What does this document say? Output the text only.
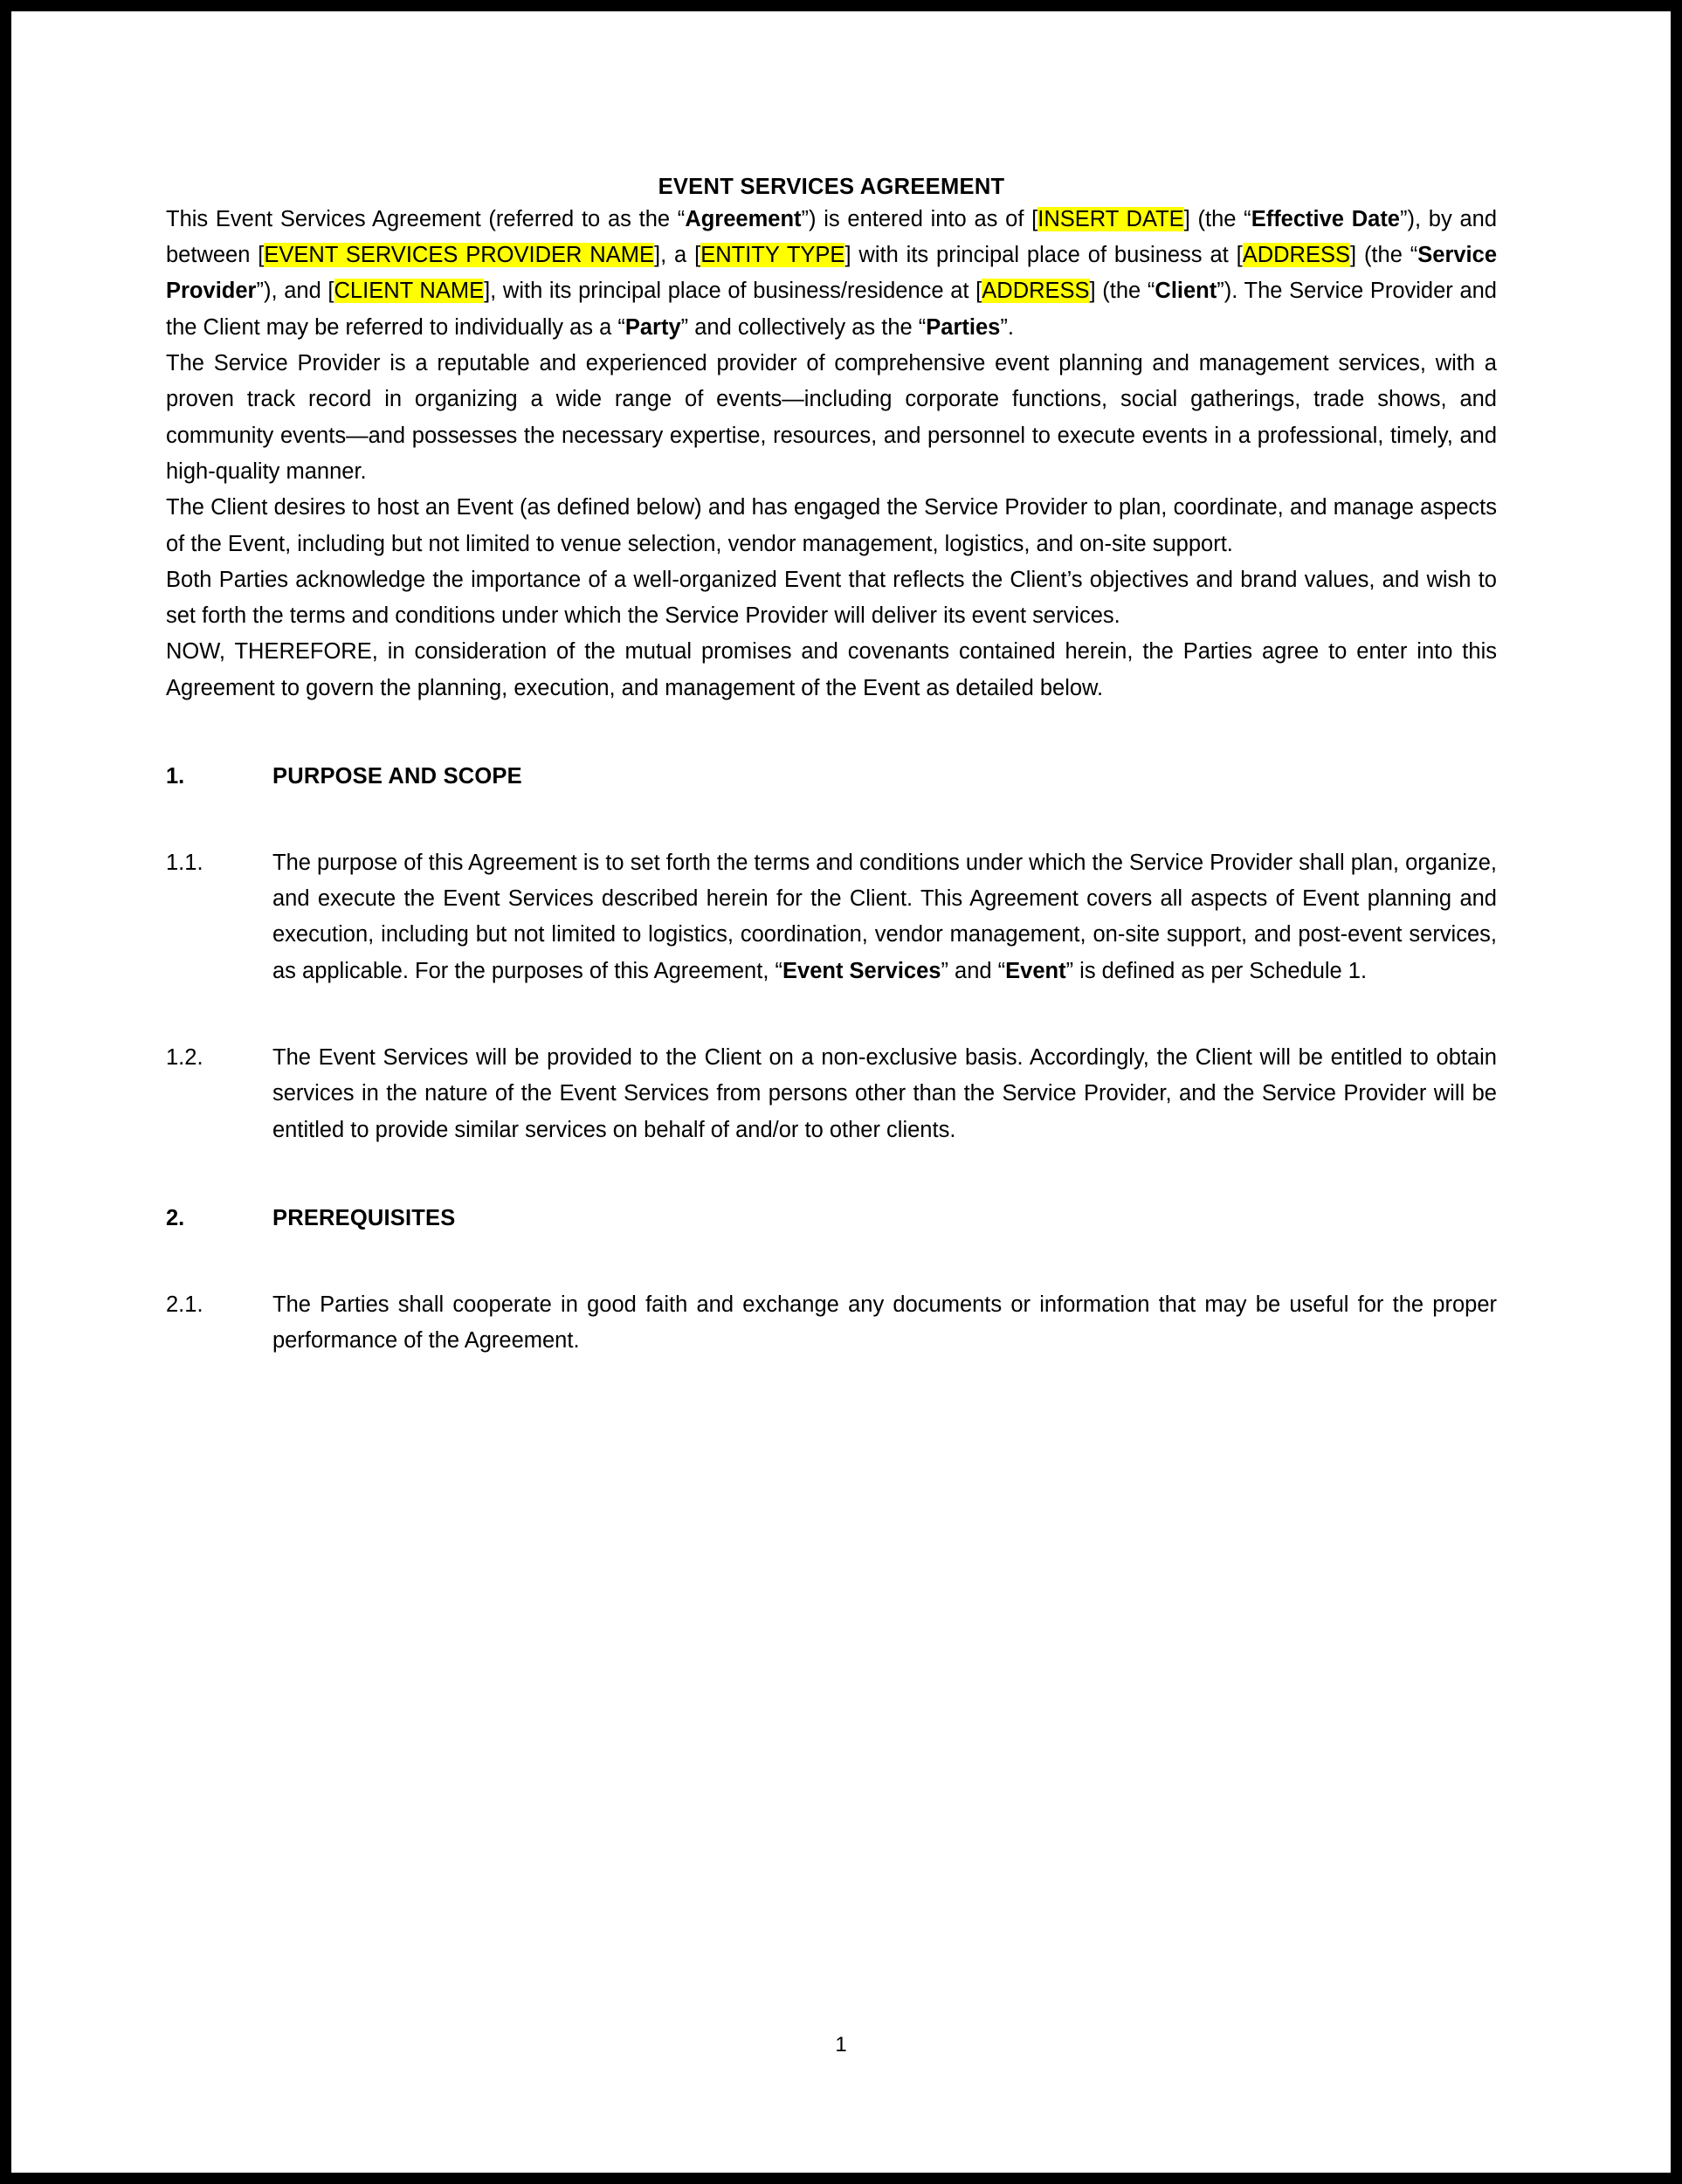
EVENT SERVICES AGREEMENT

This Event Services Agreement (referred to as the “Agreement”) is entered into as of [INSERT DATE] (the “Effective Date”), by and between [EVENT SERVICES PROVIDER NAME], a [ENTITY TYPE] with its principal place of business at [ADDRESS] (the “Service Provider”), and [CLIENT NAME], with its principal place of business/residence at [ADDRESS] (the “Client”). The Service Provider and the Client may be referred to individually as a “Party” and collectively as the “Parties”.

The Service Provider is a reputable and experienced provider of comprehensive event planning and management services, with a proven track record in organizing a wide range of events—including corporate functions, social gatherings, trade shows, and community events—and possesses the necessary expertise, resources, and personnel to execute events in a professional, timely, and high-quality manner.

The Client desires to host an Event (as defined below) and has engaged the Service Provider to plan, coordinate, and manage aspects of the Event, including but not limited to venue selection, vendor management, logistics, and on-site support.

Both Parties acknowledge the importance of a well-organized Event that reflects the Client’s objectives and brand values, and wish to set forth the terms and conditions under which the Service Provider will deliver its event services.

NOW, THEREFORE, in consideration of the mutual promises and covenants contained herein, the Parties agree to enter into this Agreement to govern the planning, execution, and management of the Event as detailed below.

1.	PURPOSE AND SCOPE
1.1.	The purpose of this Agreement is to set forth the terms and conditions under which the Service Provider shall plan, organize, and execute the Event Services described herein for the Client. This Agreement covers all aspects of Event planning and execution, including but not limited to logistics, coordination, vendor management, on-site support, and post-event services, as applicable. For the purposes of this Agreement, “Event Services” and “Event” is defined as per Schedule 1.
1.2.	The Event Services will be provided to the Client on a non-exclusive basis. Accordingly, the Client will be entitled to obtain services in the nature of the Event Services from persons other than the Service Provider, and the Service Provider will be entitled to provide similar services on behalf of and/or to other clients.
2.	PREREQUISITES
2.1.	The Parties shall cooperate in good faith and exchange any documents or information that may be useful for the proper performance of the Agreement.
1
